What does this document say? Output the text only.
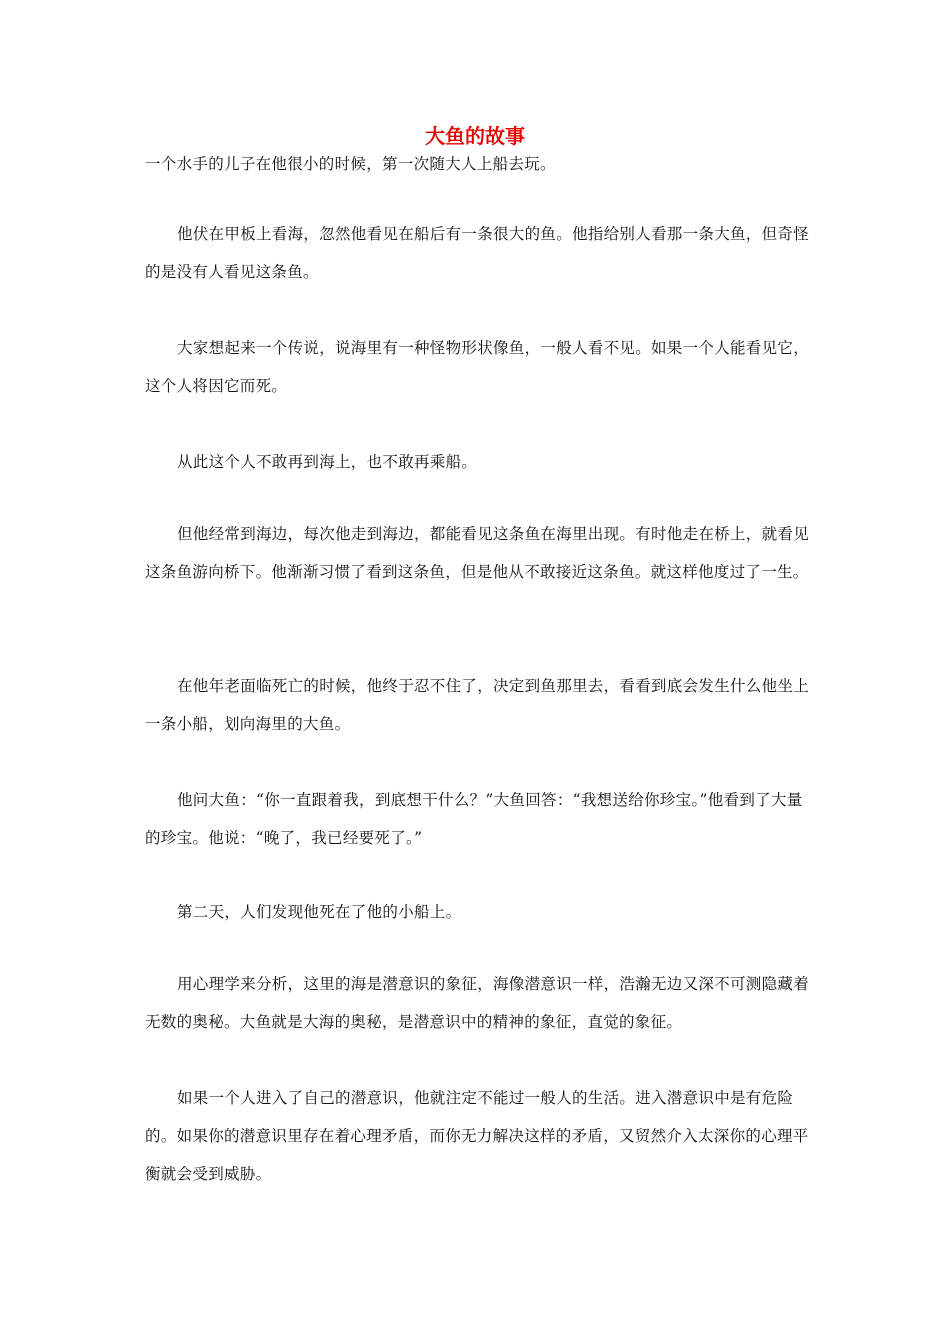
大鱼的故事

一个水手的儿子在他很小的时候，第一次随大人上船去玩。

他伏在甲板上看海，忽然他看见在船后有一条很大的鱼。他指给别人看那一条大鱼，但奇怪的是没有人看见这条鱼。

大家想起来一个传说，说海里有一种怪物形状像鱼，一般人看不见。如果一个人能看见它，这个人将因它而死。

从此这个人不敢再到海上，也不敢再乘船。

但他经常到海边，每次他走到海边，都能看见这条鱼在海里出现。有时他走在桥上，就看见这条鱼游向桥下。他渐渐习惯了看到这条鱼，但是他从不敢接近这条鱼。就这样他度过了一生。

在他年老面临死亡的时候，他终于忍不住了，决定到鱼那里去，看看到底会发生什么他坐上一条小船，划向海里的大鱼。

他问大鱼：“你一直跟着我，到底想干什么？”大鱼回答：“我想送给你珍宝。”他看到了大量的珍宝。他说：“晚了，我已经要死了。”

第二天，人们发现他死在了他的小船上。

用心理学来分析，这里的海是潜意识的象征，海像潜意识一样，浩瀚无边又深不可测隐藏着无数的奥秘。大鱼就是大海的奥秘，是潜意识中的精神的象征，直觉的象征。

如果一个人进入了自己的潜意识，他就注定不能过一般人的生活。进入潜意识中是有危险的。如果你的潜意识里存在着心理矛盾，而你无力解决这样的矛盾，又贸然介入太深你的心理平衡就会受到威胁。
